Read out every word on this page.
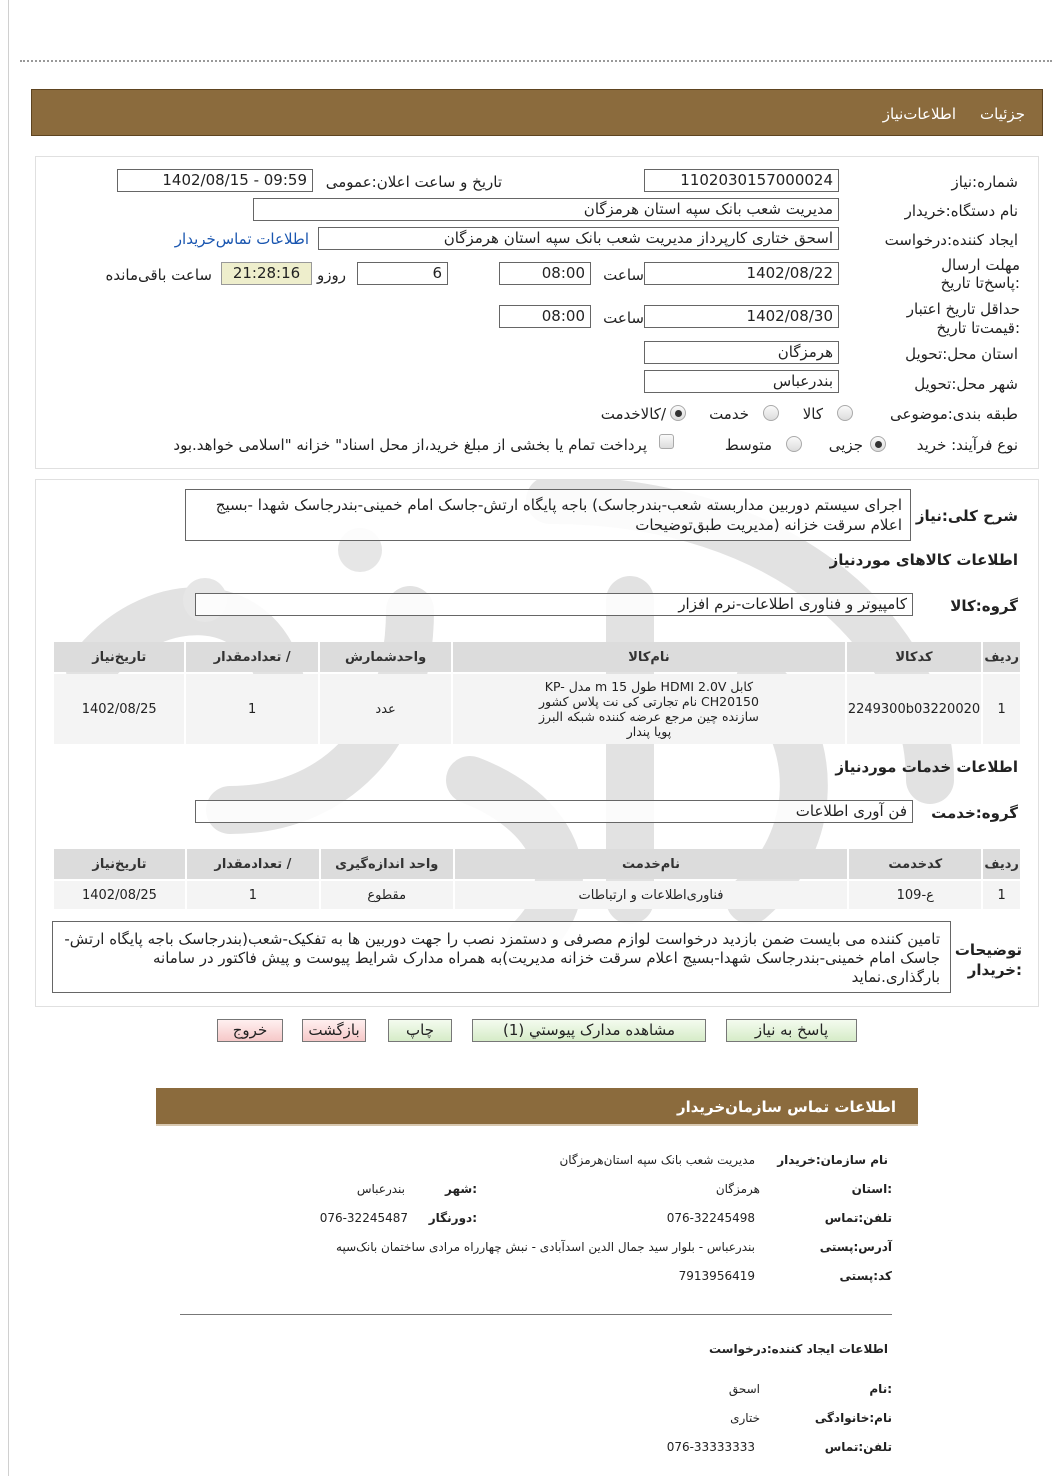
جزئیات
اطلاعات‌نیاز
شماره:نیاز
1102030157000024
تاریخ و ساعت اعلان:عمومی
1402/08/15 - 09:59
نام دستگاه:خریدار
مدیریت شعب بانک سپه استان هرمزگان
ایجاد کننده:درخواست
اسحق ختاری کارپرداز مدیریت شعب بانک سپه استان هرمزگان
اطلاعات تماس‌خریدار
مهلت ارسال :پاسخ‌تا تاریخ
1402/08/22
ساعت
08:00
6
روزو
21:28:16
ساعت باقی‌مانده
حداقل تاریخ اعتبار :قیمت‌تا تاریخ
1402/08/30
ساعت
08:00
استان محل:تحویل
هرمزگان
شهر محل:تحویل
بندرعباس
طبقه بندی:موضوعی
کالا
خدمت
/کالاخدمت
نوع فرآیند: خرید
جزیی
متوسط
پرداخت تمام یا بخشی از مبلغ خرید،از محل اسناد" خزانه "اسلامی خواهد.بود
شرح کلی:نیاز
اجرای سیستم دوربین مداربسته شعب-بندرجاسک) باجه پایگاه ارتش-جاسک امام خمینی-بندرجاسک شهدا -بسیج اعلام سرقت خزانه (مدیریت طبق‌توضیحات
اطلاعات کالاهای موردنیاز
گروه:کالا
کامپیوتر و فناوری اطلاعات-نرم افزار
ردیف	کدکالا	نام‌کالا	واحدشمارش	/ تعدادمقدار	تاریخ‌نیاز
1	2249300b03220020	کابل HDMI 2.0V طول 15 m مدل KP-CH20150 نام تجارتی کی نت پلاس کشور سازنده چین مرجع عرضه کننده شبکه البرز پویا پندار	عدد	1	1402/08/25
اطلاعات خدمات موردنیاز
گروه:خدمت
فن آوری اطلاعات
ردیف	کدخدمت	نام‌خدمت	واحد اندازه‌گیری	/ تعدادمقدار	تاریخ‌نیاز
1	ع-109	فناوری‌اطلاعات و ارتباطات	مقطوع	1	1402/08/25
توضیحات :خریدار
تامین کننده می بایست ضمن بازدید درخواست لوازم مصرفی و دستمزد نصب را جهت دوربین ها به تفکیک-شعب(بندرجاسک باجه پایگاه ارتش-جاسک امام خمینی-بندرجاسک شهدا-بسیج اعلام سرقت خزانه مدیریت)به همراه مدارک شرایط پیوست و پیش فاکتور در سامانه بارگذاری.نماید
پاسخ به نیاز
مشاهده مدارک پیوستي (1)
چاپ
بازگشت
خروج
اطلاعات تماس سازمان‌خریدار
نام سازمان:خریدار
مدیریت شعب بانک سپه استان‌هرمزگان
:استان
هرمزگان
:شهر
بندرعباس
تلفن:تماس
076-32245498
:دورنگار
076-32245487
آدرس:پستی
بندرعباس - بلوار سید جمال الدین اسدآبادی - نبش چهارراه مرادی ساختمان بانک‌سپه
کد:پستی
7913956419
اطلاعات ایجاد کننده:درخواست
:نام
اسحق
نام:خانوادگی
ختاری
تلفن:تماس
076-33333333
